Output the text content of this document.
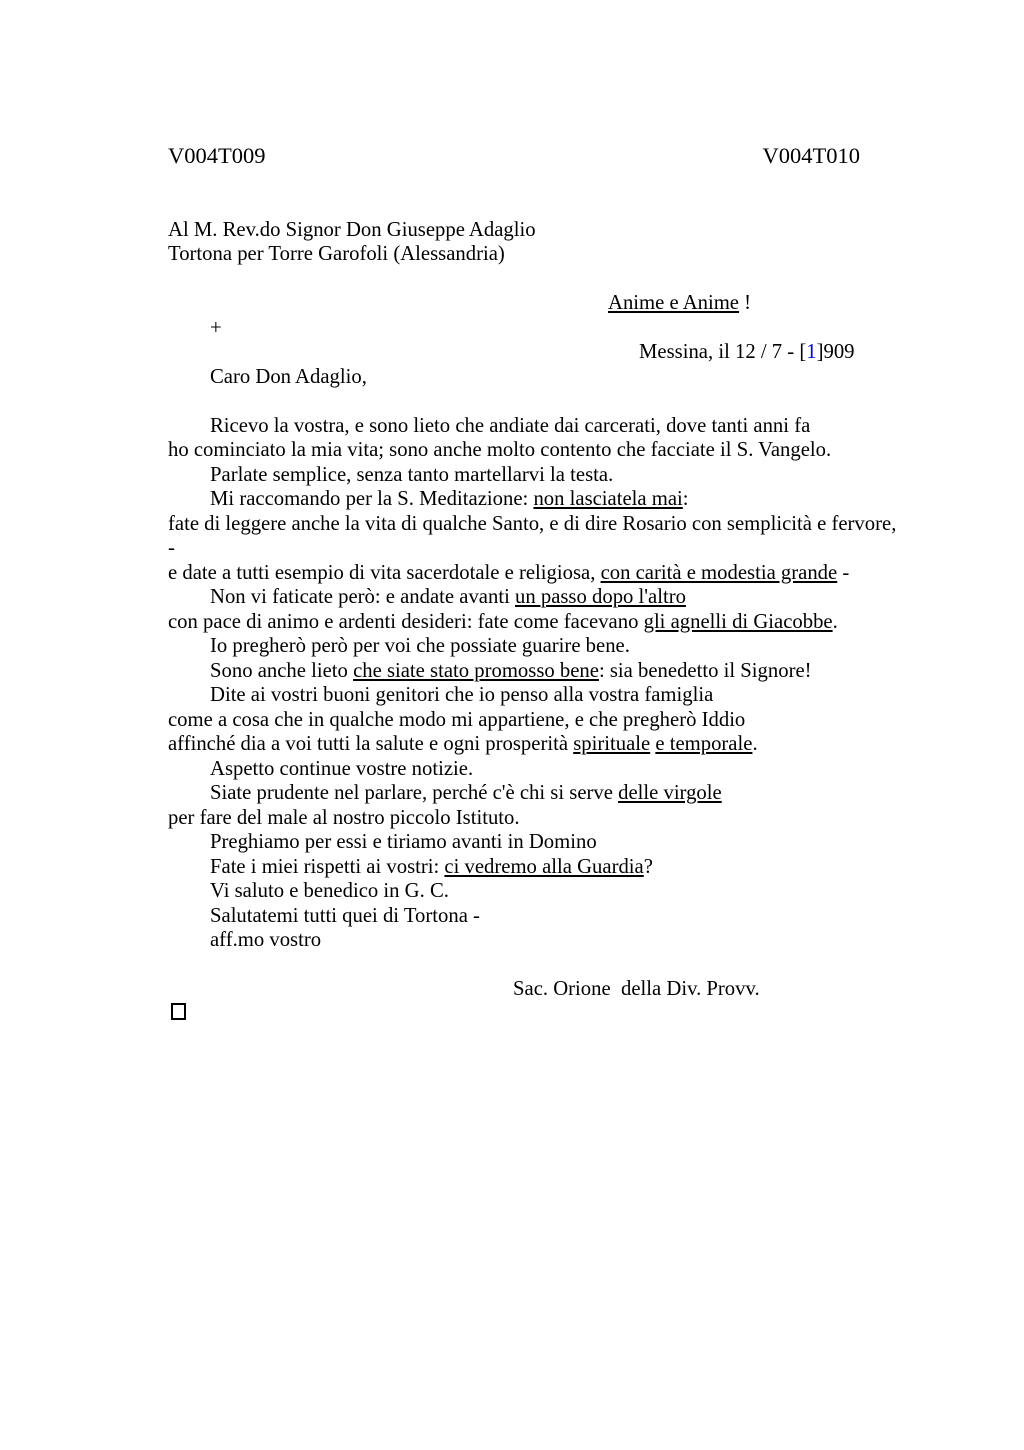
V004T009	V004T010
Al M. Rev.do Signor Don Giuseppe Adaglio
Tortona per Torre Garofoli (Alessandria)
Anime e Anime !

+
Messina, il 12 / 7 - [1]909

Caro Don Adaglio,
Ricevo la vostra, e sono lieto che andiate dai carcerati, dove tanti anni fa
ho cominciato la mia vita; sono anche molto contento che facciate il S. Vangelo.
Parlate semplice, senza tanto martellarvi la testa.
Mi raccomando per la S. Meditazione: non lasciatela mai:
fate di leggere anche la vita di qualche Santo, e di dire Rosario con semplicità e fervore,
-
e date a tutti esempio di vita sacerdotale e religiosa, con carità e modestia grande -
Non vi faticate però: e andate avanti un passo dopo l'altro
con pace di animo e ardenti desideri: fate come facevano gli agnelli di Giacobbe.
Io pregherò però per voi che possiate guarire bene.
Sono anche lieto che siate stato promosso bene: sia benedetto il Signore!
Dite ai vostri buoni genitori che io penso alla vostra famiglia
come a cosa che in qualche modo mi appartiene, e che pregherò Iddio
affinché dia a voi tutti la salute e ogni prosperità spirituale e temporale.
Aspetto continue vostre notizie.
Siate prudente nel parlare, perché c'è chi si serve delle virgole
per fare del male al nostro piccolo Istituto.
Preghiamo per essi e tiriamo avanti in Domino
Fate i miei rispetti ai vostri: ci vedremo alla Guardia?
Vi saluto e benedico in G. C.
Salutatemi tutti quei di Tortona -
aff.mo vostro
Sac. Orione  della Div. Provv.
